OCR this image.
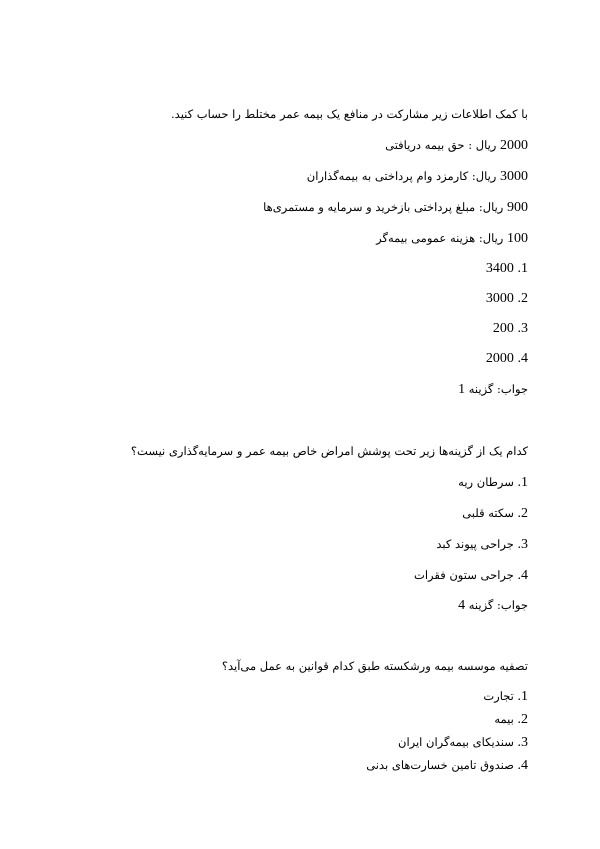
با کمک اطلاعات زیر مشارکت در منافع یک بیمه عمر مختلط را حساب کنید.
2000 ریال : حق بیمه دریافتی
3000 ریال: کارمزد وام پرداختی به بیمه‌گذاران
900 ریال: مبلغ پرداختی بازخرید و سرمایه و مستمری‌ها
100 ریال: هزینه عمومی بیمه‌گر
1. 3400
2. 3000
3. 200
4. 2000
جواب: گزینه 1
کدام یک از گزینه‌ها زیر تحت پوشش امراض خاص بیمه عمر و سرمایه‌گذاری نیست؟
1. سرطان ریه
2. سکته قلبی
3. جراحی پیوند کبد
4. جراحی ستون فقرات
جواب: گزینه 4
تصفیه موسسه بیمه ورشکسته طبق کدام قوانین به عمل می‌آید؟
1. تجارت
2. بیمه
3. سندیکای بیمه‌گران ایران
4. صندوق تامین خسارت‌های بدنی
